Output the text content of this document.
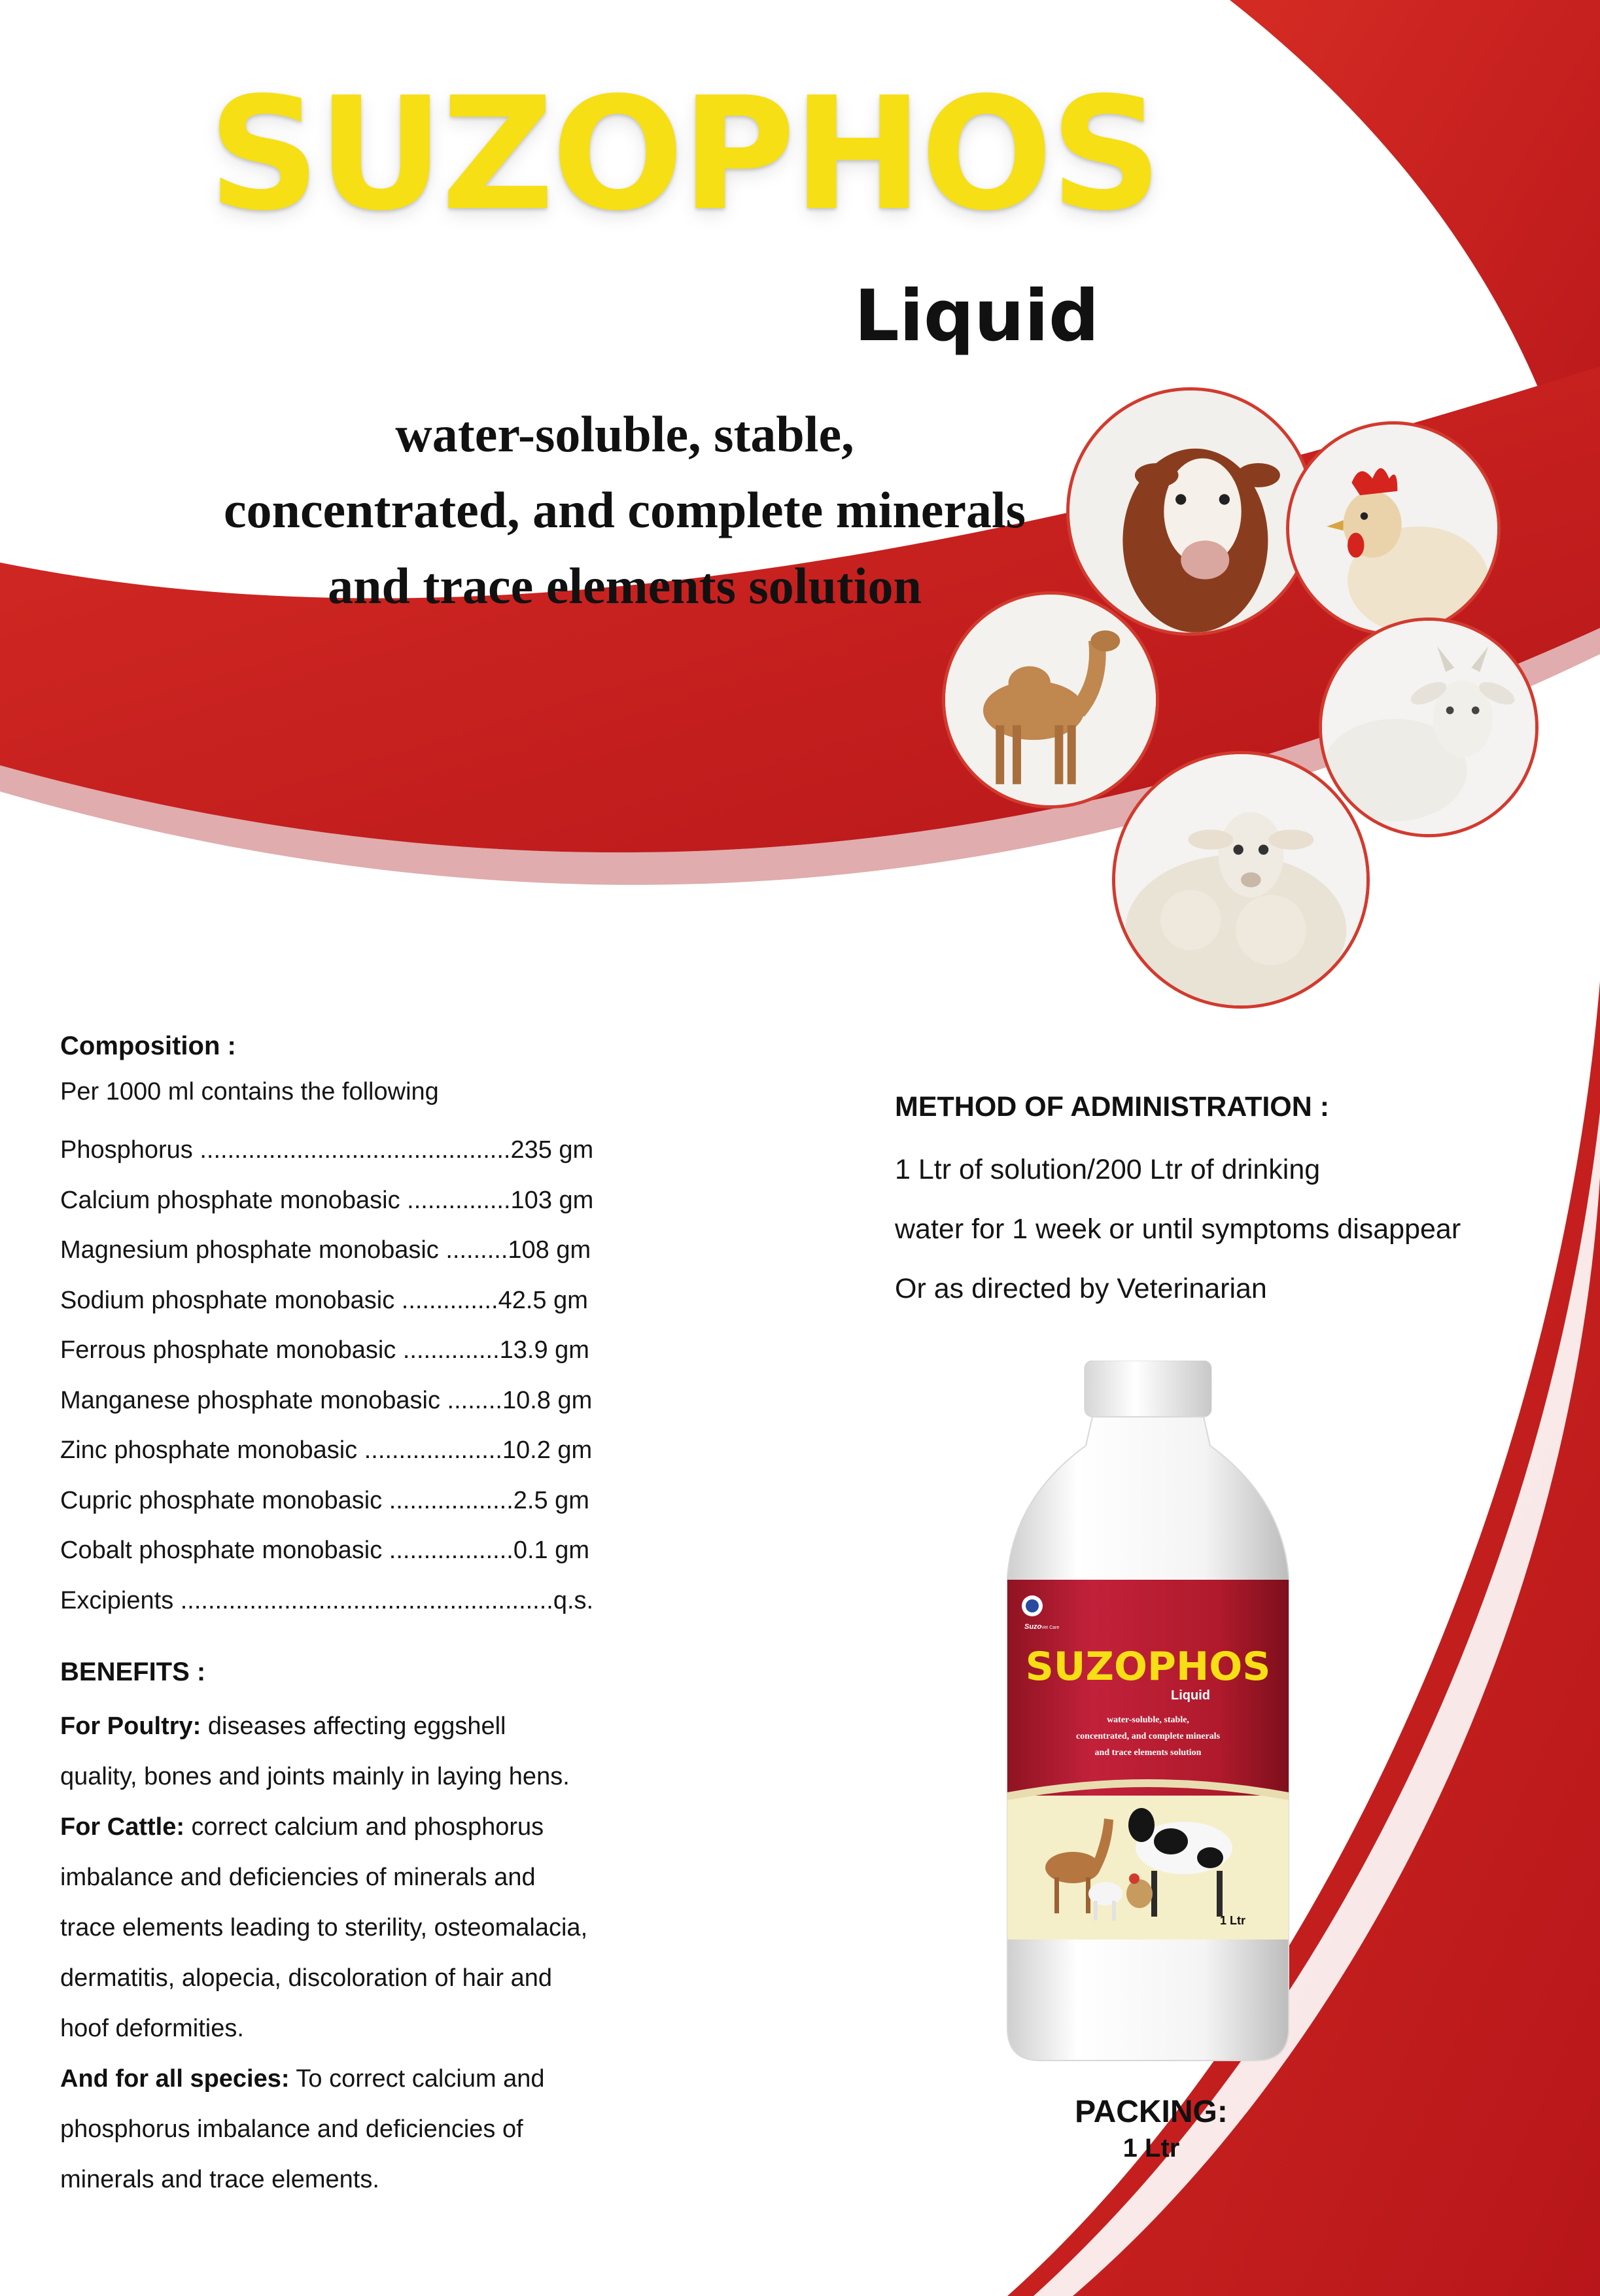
SUZOPHOS
Liquid
water-soluble, stable,
concentrated, and complete minerals
and trace elements solution
Composition :
Per 1000 ml contains the following
Phosphorus .............................................235 gm
Calcium phosphate monobasic ...............103 gm
Magnesium phosphate monobasic .........108 gm
Sodium phosphate monobasic ..............42.5 gm
Ferrous phosphate monobasic ..............13.9 gm
Manganese phosphate monobasic ........10.8 gm
Zinc phosphate monobasic ....................10.2 gm
Cupric phosphate monobasic ..................2.5 gm
Cobalt phosphate monobasic ..................0.1 gm
Excipients ......................................................q.s.
BENEFITS :
For Poultry: diseases affecting eggshell
quality, bones and joints mainly in laying hens.
For Cattle: correct calcium and phosphorus
imbalance and deficiencies of minerals and
trace elements leading to sterility, osteomalacia,
dermatitis, alopecia, discoloration of hair and
hoof deformities.
And for all species: To correct calcium and
phosphorus imbalance and deficiencies of
minerals and trace elements.
METHOD OF ADMINISTRATION :
1 Ltr of solution/200 Ltr of drinking
water for 1 week or until symptoms disappear
Or as directed by Veterinarian
Suzo Vet Care
SUZOPHOS
Liquid
water-soluble, stable,
concentrated, and complete minerals
and trace elements solution
1 Ltr
PACKING:
1 Ltr
